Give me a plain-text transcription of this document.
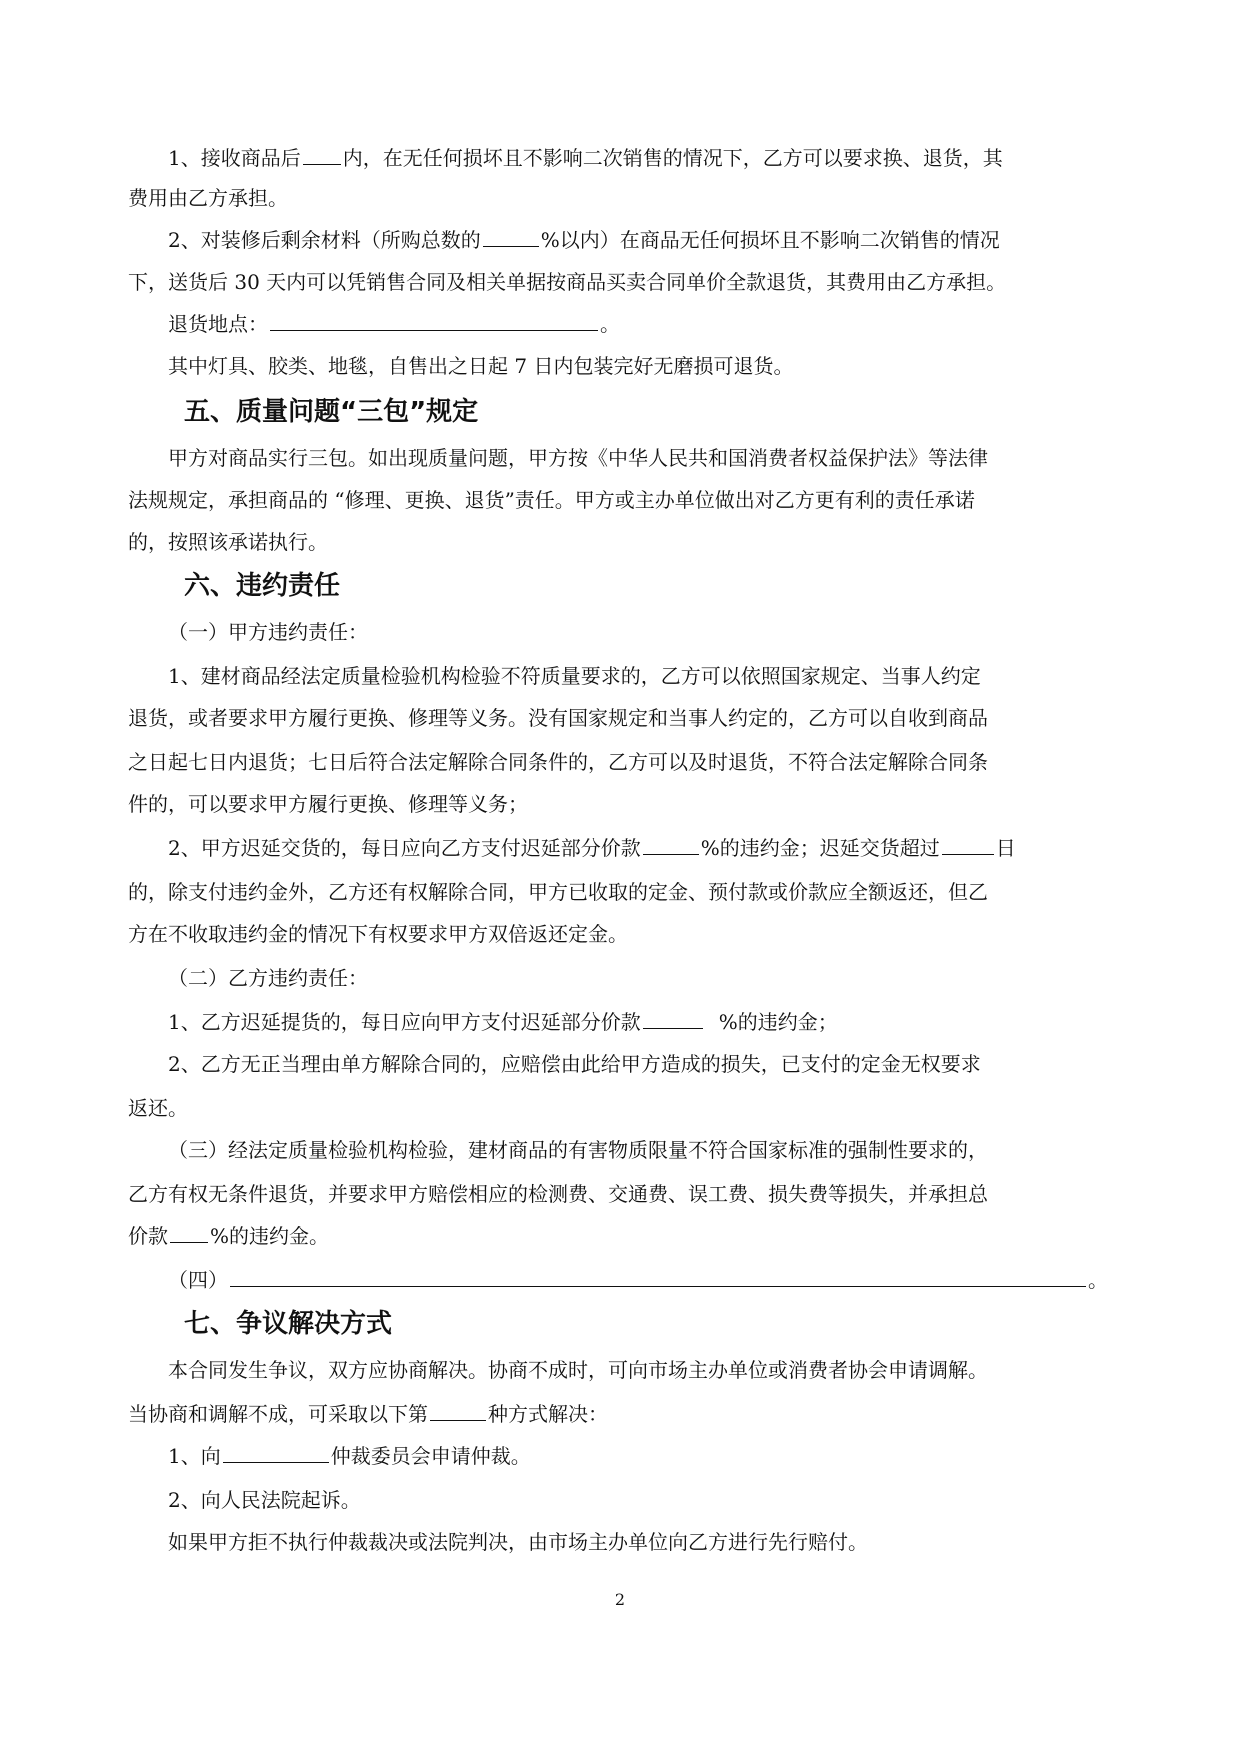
1、接收商品后 内，在无任何损坏且不影响二次销售的情况下，乙方可以要求换、退货，其
费用由乙方承担。
2、对装修后剩余材料（所购总数的	%以内）在商品无任何损坏且不影响二次销售的情况
下，送货后 30 天内可以凭销售合同及相关单据按商品买卖合同单价全款退货，其费用由乙方承担。
退货地点：	。
其中灯具、胶类、地毯，自售出之日起 7 日内包装完好无磨损可退货。
五、质量问题“三包”规定
甲方对商品实行三包。如出现质量问题，甲方按《中华人民共和国消费者权益保护法》等法律
法规规定，承担商品的 “修理、更换、退货”责任。甲方或主办单位做出对乙方更有利的责任承诺
的，按照该承诺执行。
六、违约责任
（一）甲方违约责任：
1、建材商品经法定质量检验机构检验不符质量要求的，乙方可以依照国家规定、当事人约定
退货，或者要求甲方履行更换、修理等义务。没有国家规定和当事人约定的，乙方可以自收到商品
之日起七日内退货；七日后符合法定解除合同条件的，乙方可以及时退货，不符合法定解除合同条
件的，可以要求甲方履行更换、修理等义务；
2、甲方迟延交货的，每日应向乙方支付迟延部分价款	%的违约金；迟延交货超过	日
的，除支付违约金外，乙方还有权解除合同，甲方已收取的定金、预付款或价款应全额返还，但乙
方在不收取违约金的情况下有权要求甲方双倍返还定金。
（二）乙方违约责任：
1、乙方迟延提货的，每日应向甲方支付迟延部分价款	%的违约金；
2、乙方无正当理由单方解除合同的，应赔偿由此给甲方造成的损失，已支付的定金无权要求
返还。
（三）经法定质量检验机构检验，建材商品的有害物质限量不符合国家标准的强制性要求的，
乙方有权无条件退货，并要求甲方赔偿相应的检测费、交通费、误工费、损失费等损失，并承担总
价款 %的违约金。
（四）	。
七、争议解决方式
本合同发生争议，双方应协商解决。协商不成时，可向市场主办单位或消费者协会申请调解。
当协商和调解不成，可采取以下第	种方式解决：
1、向	仲裁委员会申请仲裁。
2、向人民法院起诉。
如果甲方拒不执行仲裁裁决或法院判决，由市场主办单位向乙方进行先行赔付。
2
